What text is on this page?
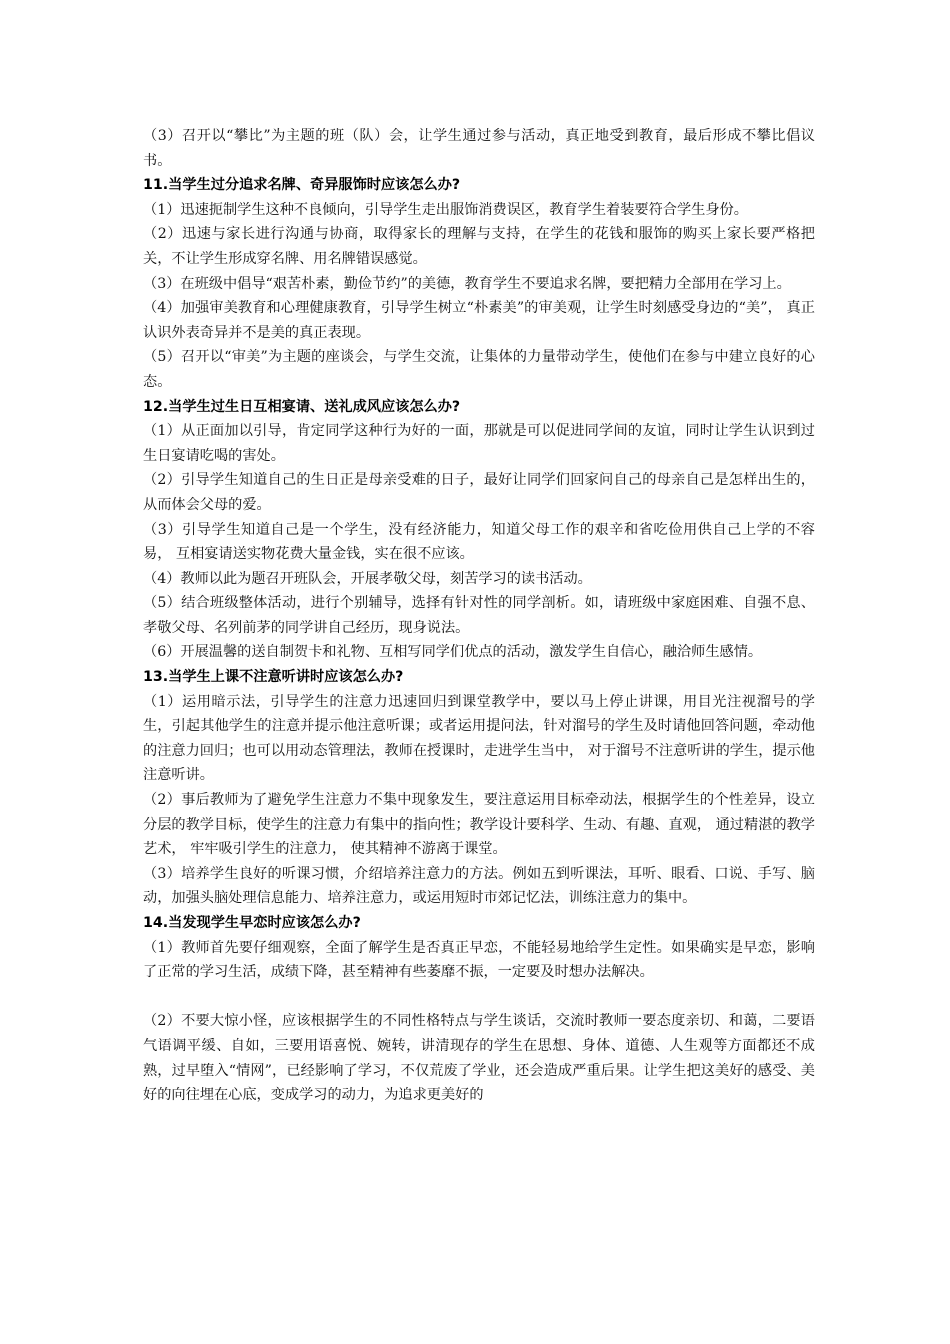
（3）召开以“攀比”为主题的班（队）会，让学生通过参与活动，真正地受到教育，最后形成不攀比倡议书。

11.当学生过分追求名牌、奇异服饰时应该怎么办?

（1）迅速扼制学生这种不良倾向，引导学生走出服饰消费误区，教育学生着装要符合学生身份。

（2）迅速与家长进行沟通与协商，取得家长的理解与支持，在学生的花钱和服饰的购买上家长要严格把关，不让学生形成穿名牌、用名牌错误感觉。

（3）在班级中倡导“艰苦朴素，勤俭节约”的美德，教育学生不要追求名牌，要把精力全部用在学习上。

（4）加强审美教育和心理健康教育，引导学生树立“朴素美”的审美观，让学生时刻感受身边的“美”， 真正认识外表奇异并不是美的真正表现。

（5）召开以“审美”为主题的座谈会，与学生交流，让集体的力量带动学生，使他们在参与中建立良好的心态。

12.当学生过生日互相宴请、送礼成风应该怎么办?

（1）从正面加以引导，肯定同学这种行为好的一面，那就是可以促进同学间的友谊，同时让学生认识到过生日宴请吃喝的害处。

（2）引导学生知道自己的生日正是母亲受难的日子，最好让同学们回家问自己的母亲自己是怎样出生的，从而体会父母的爱。

（3）引导学生知道自己是一个学生，没有经济能力，知道父母工作的艰辛和省吃俭用供自己上学的不容易， 互相宴请送实物花费大量金钱，实在很不应该。

（4）教师以此为题召开班队会，开展孝敬父母，刻苦学习的读书活动。

（5）结合班级整体活动，进行个别辅导，选择有针对性的同学剖析。如，请班级中家庭困难、自强不息、孝敬父母、名列前茅的同学讲自己经历，现身说法。

（6）开展温馨的送自制贺卡和礼物、互相写同学们优点的活动，激发学生自信心，融洽师生感情。

13.当学生上课不注意听讲时应该怎么办?

（1）运用暗示法，引导学生的注意力迅速回归到课堂教学中，要以马上停止讲课，用目光注视溜号的学生，引起其他学生的注意并提示他注意听课；或者运用提问法，针对溜号的学生及时请他回答问题，牵动他的注意力回归；也可以用动态管理法，教师在授课时，走进学生当中， 对于溜号不注意听讲的学生，提示他注意听讲。

（2）事后教师为了避免学生注意力不集中现象发生，要注意运用目标牵动法，根据学生的个性差异，设立分层的教学目标，使学生的注意力有集中的指向性；教学设计要科学、生动、有趣、直观， 通过精湛的教学艺术， 牢牢吸引学生的注意力， 使其精神不游离于课堂。

（3）培养学生良好的听课习惯，介绍培养注意力的方法。例如五到听课法，耳听、眼看、口说、手写、脑动，加强头脑处理信息能力、培养注意力，或运用短时市郊记忆法，训练注意力的集中。

14.当发现学生早恋时应该怎么办?

（1）教师首先要仔细观察，全面了解学生是否真正早恋，不能轻易地给学生定性。如果确实是早恋，影响了正常的学习生活，成绩下降，甚至精神有些萎靡不振，一定要及时想办法解决。

（2）不要大惊小怪，应该根据学生的不同性格特点与学生谈话，交流时教师一要态度亲切、和蔼，二要语气语调平缓、自如，三要用语喜悦、婉转，讲清现存的学生在思想、身体、道德、人生观等方面都还不成熟，过早堕入“情网”，已经影响了学习，不仅荒废了学业，还会造成严重后果。让学生把这美好的感受、美好的向往埋在心底，变成学习的动力，为追求更美好的
